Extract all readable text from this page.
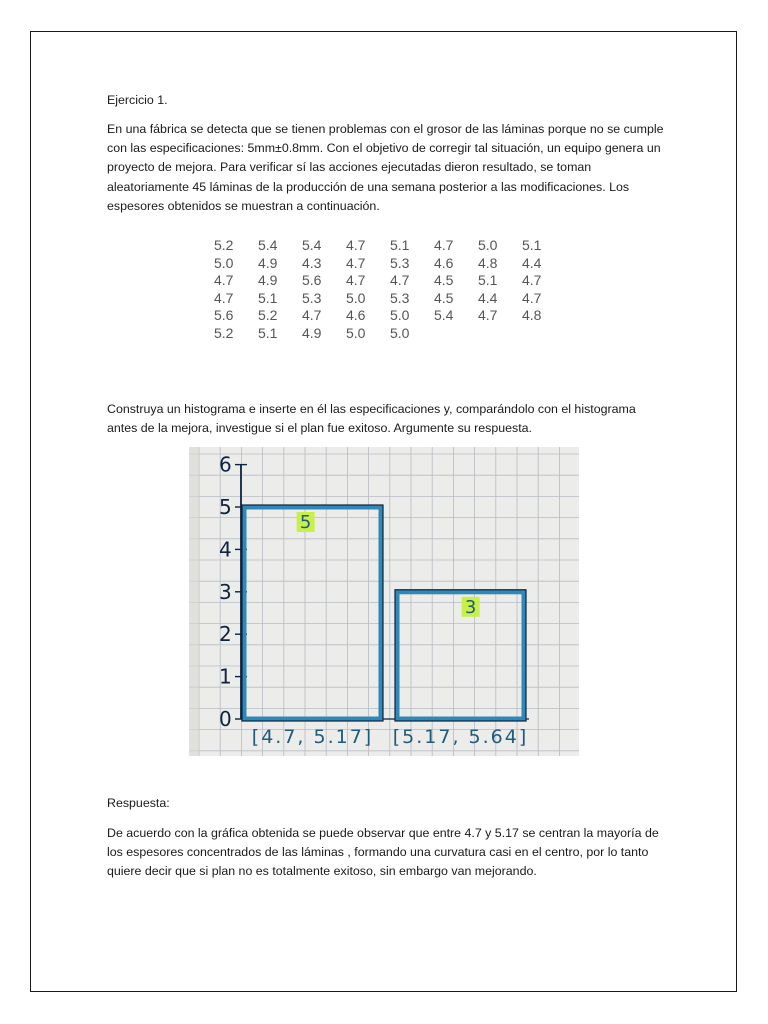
Ejercicio 1.

En una fábrica se detecta que se tienen problemas con el grosor de las láminas porque no se cumple con las especificaciones: 5mm±0.8mm. Con el objetivo de corregir tal situación, un equipo genera un proyecto de mejora. Para verificar sí las acciones ejecutadas dieron resultado, se toman aleatoriamente 45 láminas de la producción de una semana posterior a las modificaciones. Los espesores obtenidos se muestran a continuación.

5.2	5.4	5.4	4.7	5.1	4.7	5.0	5.1
5.0	4.9	4.3	4.7	5.3	4.6	4.8	4.4
4.7	4.9	5.6	4.7	4.7	4.5	5.1	4.7
4.7	5.1	5.3	5.0	5.3	4.5	4.4	4.7
5.6	5.2	4.7	4.6	5.0	5.4	4.7	4.8
5.2	5.1	4.9	5.0	5.0			

Construya un histograma e inserte en él las especificaciones y, comparándolo con el histograma antes de la mejora, investigue si el plan fue exitoso. Argumente su respuesta.

0
1
2
3
4
5
6
5
[4.7, 5.17]
3
[5.17, 5.64]

Respuesta:

De acuerdo con la gráfica obtenida se puede observar que entre 4.7 y 5.17 se centran la mayoría de los espesores concentrados de las láminas , formando una curvatura casi en el centro, por lo tanto quiere decir que si plan no es totalmente exitoso, sin embargo van mejorando.
